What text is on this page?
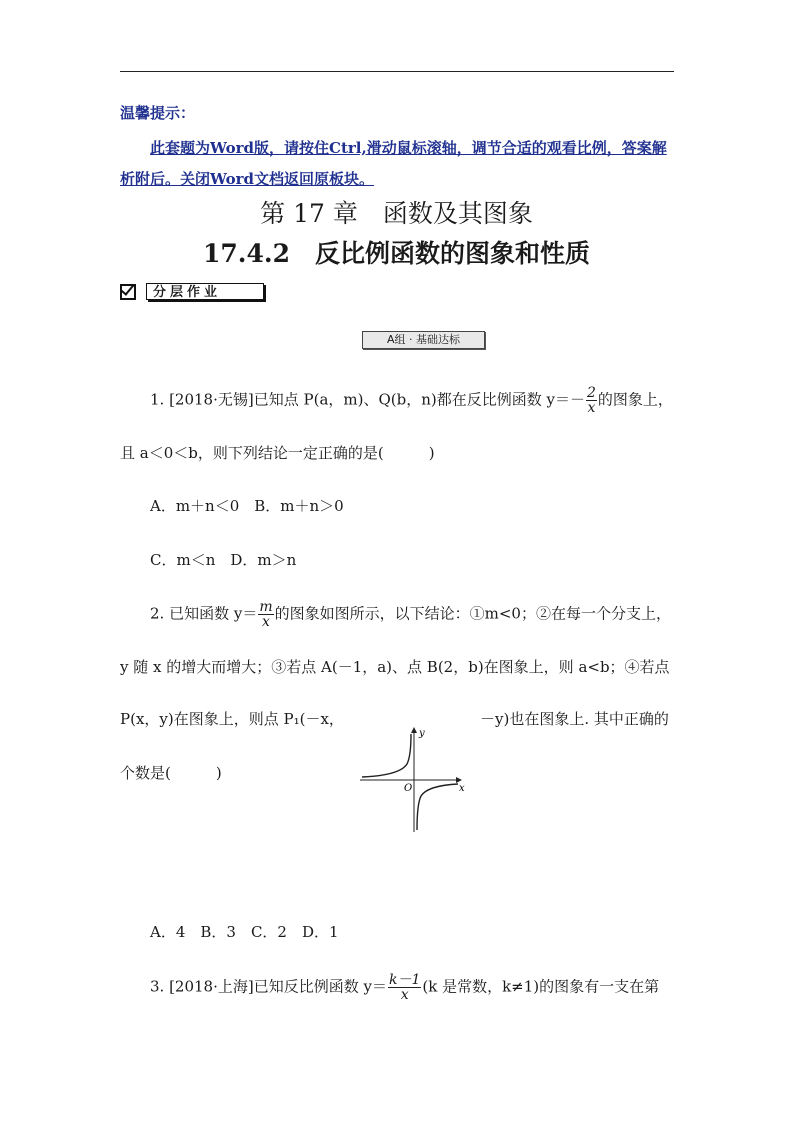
温馨提示：
此套题为Word版，请按住Ctrl,滑动鼠标滚轴，调节合适的观看比例，答案解析附后。关闭Word文档返回原板块。
第 17 章　函数及其图象
17.4.2　反比例函数的图象和性质
分层作业
A组 · 基础达标
1. [2018·无锡]已知点 P(a，m)、Q(b，n)都在反比例函数 $y=- \frac{2}{x}$ 的图象上，
且 a＜0＜b，则下列结论一定正确的是(　　　)
A．m＋n＜0　B．m＋n＞0
C．m＜n　D．m＞n
2. 已知函数 $y= \frac{m}{x}$ 的图象如图所示，以下结论：①m<0；②在每一个分支上，
y 随 x 的增大而增大；③若点 A(－1，a)、点 B(2，b)在图象上，则 a<b；④若点
P(x，y)在图象上，则点 P₁(－x，	－y)也在图象上. 其中正确的
个数是(　　　)
y
x
O
A．4　B．3　C．2　D．1
3. [2018·上海]已知反比例函数 $y= \frac{k-1}{x} (k$ 是常数，k≠1)的图象有一支在第
